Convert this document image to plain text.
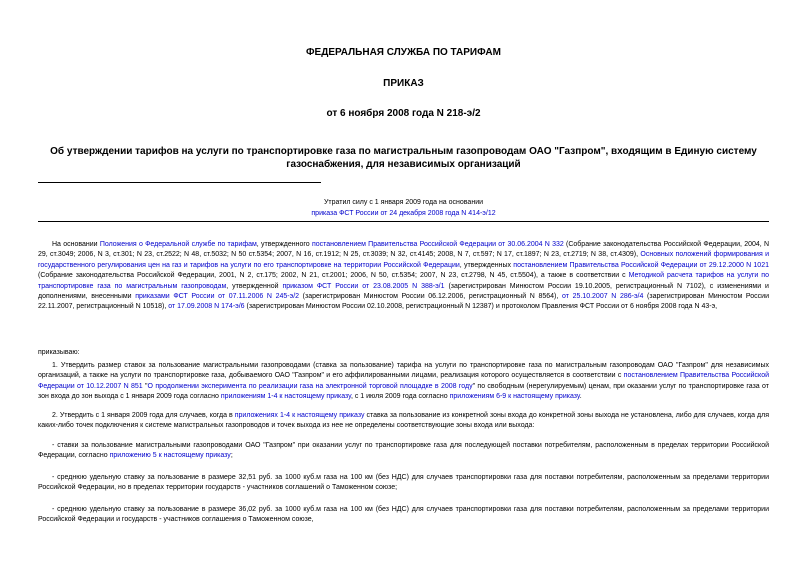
ФЕДЕРАЛЬНАЯ СЛУЖБА ПО ТАРИФАМ
ПРИКАЗ
от 6 ноября 2008 года N 218-э/2
Об утверждении тарифов на услуги по транспортировке газа по магистральным газопроводам ОАО "Газпром", входящим в Единую систему газоснабжения, для независимых организаций
Утратил силу с 1 января 2009 года на основании
приказа ФСТ России от 24 декабря 2008 года N 414-э/12
На основании Положения о Федеральной службе по тарифам, утвержденного постановлением Правительства Российской Федерации от 30.06.2004 N 332 (Собрание законодательства Российской Федерации, 2004, N 29, ст.3049; 2006, N 3, ст.301; N 23, ст.2522; N 48, ст.5032; N 50 ст.5354; 2007, N 16, ст.1912; N 25, ст.3039; N 32, ст.4145; 2008, N 7, ст.597; N 17, ст.1897; N 23, ст.2719; N 38, ст.4309), Основных положений формирования и государственного регулирования цен на газ и тарифов на услуги по его транспортировке на территории Российской Федерации, утвержденных постановлением Правительства Российской Федерации от 29.12.2000 N 1021 (Собрание законодательства Российской Федерации, 2001, N 2, ст.175; 2002, N 21, ст.2001; 2006, N 50, ст.5354; 2007, N 23, ст.2798, N 45, ст.5504), а также в соответствии с Методикой расчета тарифов на услуги по транспортировке газа по магистральным газопроводам, утвержденной приказом ФСТ России от 23.08.2005 N 388-э/1 (зарегистрирован Минюстом России 19.10.2005, регистрационный N 7102), с изменениями и дополнениями, внесенными приказами ФСТ России от 07.11.2006 N 245-э/2 (зарегистрирован Минюстом России 06.12.2006, регистрационный N 8564), от 25.10.2007 N 286-э/4 (зарегистрирован Минюстом России 22.11.2007, регистрационный N 10518), от 17.09.2008 N 174-э/6 (зарегистрирован Минюстом России 02.10.2008, регистрационный N 12387) и протоколом Правления ФСТ России от 6 ноября 2008 года N 43-э,
приказываю:
1. Утвердить размер ставок за пользование магистральными газопроводами (ставка за пользование) тарифа на услуги по транспортировке газа по магистральным газопроводам ОАО "Газпром" для независимых организаций, а также на услуги по транспортировке газа, добываемого ОАО "Газпром" и его аффилированными лицами, реализация которого осуществляется в соответствии с постановлением Правительства Российской Федерации от 10.12.2007 N 851 "О продолжении эксперимента по реализации газа на электронной торговой площадке в 2008 году" по свободным (нерегулируемым) ценам, при оказании услуг по транспортировке газа от зон входа до зон выхода с 1 января 2009 года согласно приложениям 1-4 к настоящему приказу, с 1 июля 2009 года согласно приложениям 6-9 к настоящему приказу.
2. Утвердить с 1 января 2009 года для случаев, когда в приложениях 1-4 к настоящему приказу ставка за пользование из конкретной зоны входа до конкретной зоны выхода не установлена, либо для случаев, когда для каких-либо точек подключения к системе магистральных газопроводов и точек выхода из нее не определены соответствующие зоны входа или выхода:
- ставки за пользование магистральными газопроводами ОАО "Газпром" при оказании услуг по транспортировке газа для последующей поставки потребителям, расположенным в пределах территории Российской Федерации, согласно приложению 5 к настоящему приказу;
- среднюю удельную ставку за пользование в размере 32,51 руб. за 1000 куб.м газа на 100 км (без НДС) для случаев транспортировки газа для поставки потребителям, расположенным за пределами территории Российской Федерации, но в пределах территории государств - участников соглашений о Таможенном союзе;
- среднюю удельную ставку за пользование в размере 36,02 руб. за 1000 куб.м газа на 100 км (без НДС) для случаев транспортировки газа для поставки потребителям, расположенным за пределами территории Российской Федерации и государств - участников соглашения о Таможенном союзе,
